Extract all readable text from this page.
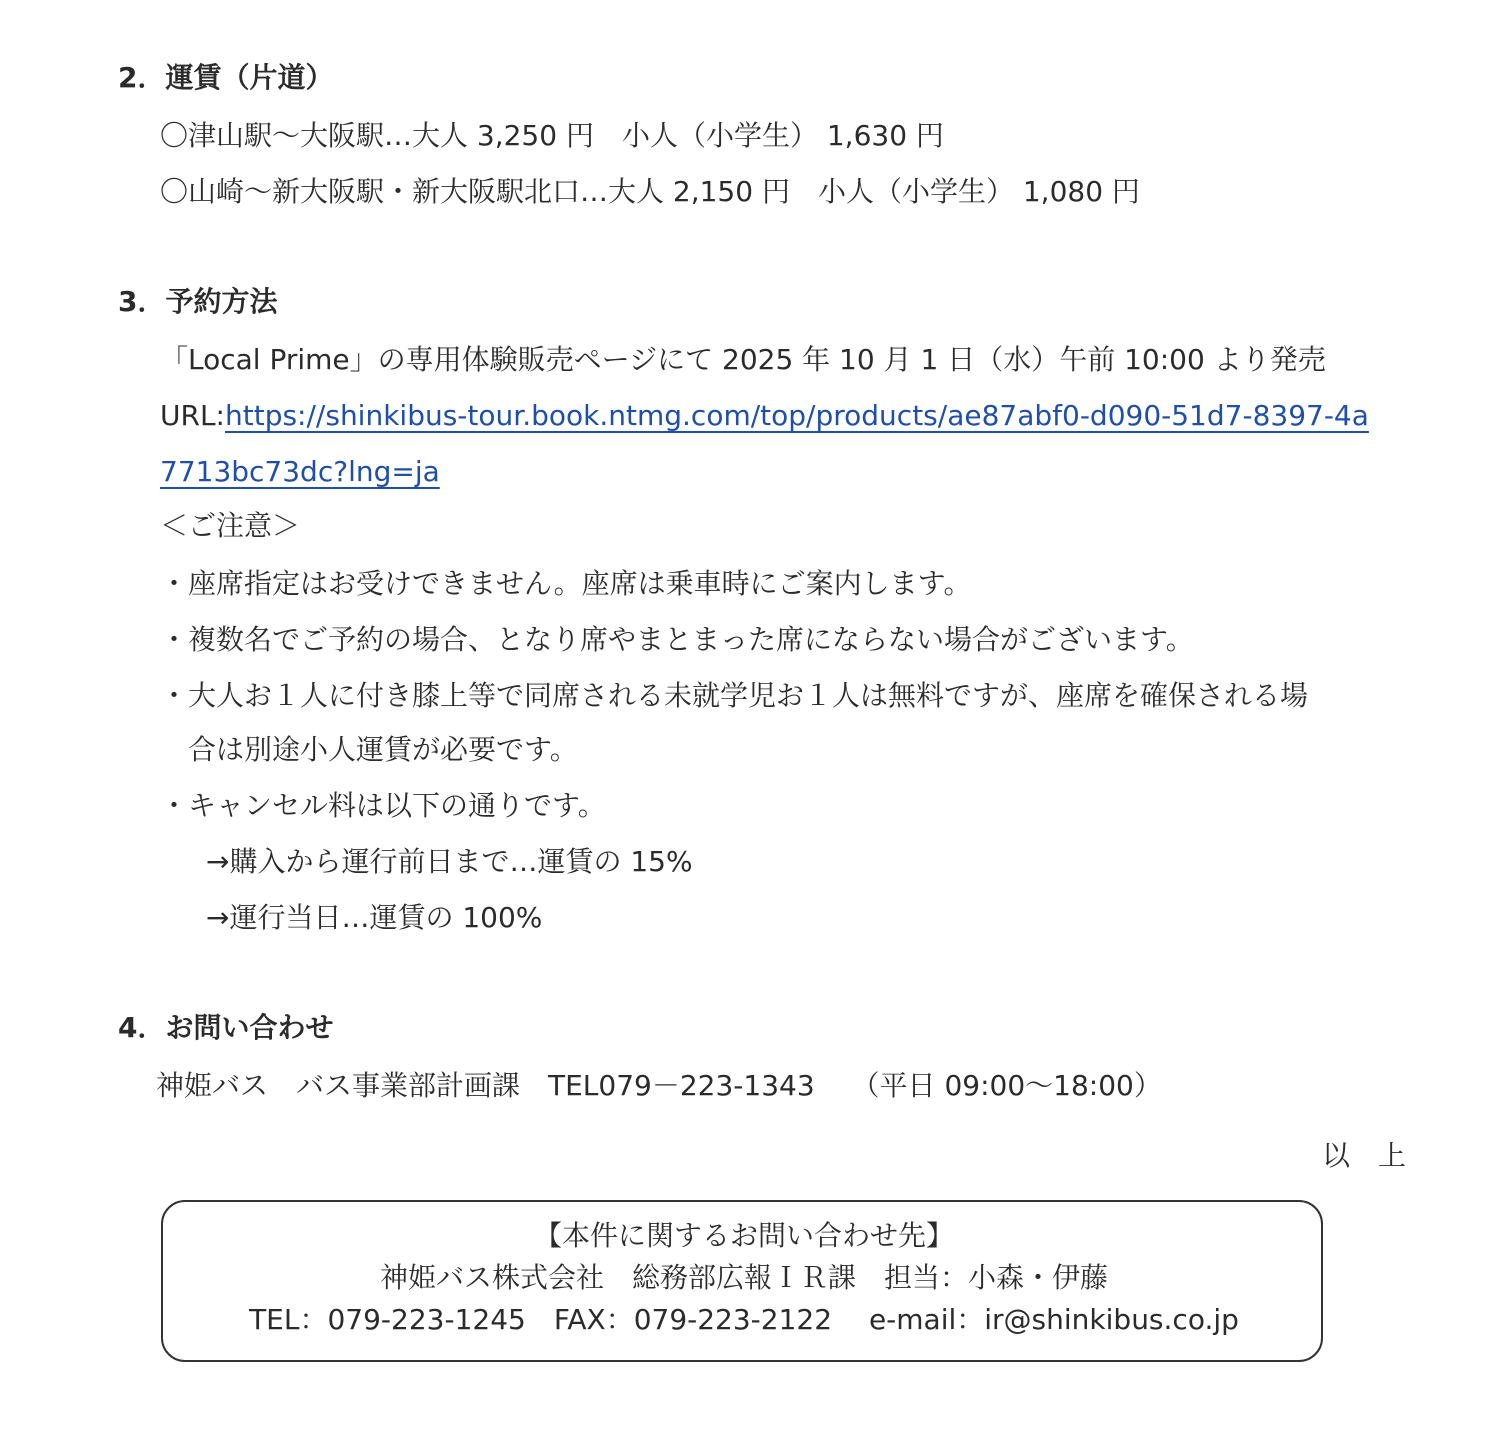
2．運賃（片道）
〇津山駅～大阪駅…大人 3,250 円　小人（小学生） 1,630 円
〇山崎～新大阪駅・新大阪駅北口…大人 2,150 円　小人（小学生） 1,080 円
3．予約方法
「Local Prime」の専用体験販売ページにて 2025 年 10 月 1 日（水）午前 10:00 より発売
URL:https://shinkibus-tour.book.ntmg.com/top/products/ae87abf0-d090-51d7-8397-4a
7713bc73dc?lng=ja
＜ご注意＞
・座席指定はお受けできません。座席は乗車時にご案内します。
・複数名でご予約の場合、となり席やまとまった席にならない場合がございます。
・大人お１人に付き膝上等で同席される未就学児お１人は無料ですが、座席を確保される場
合は別途小人運賃が必要です。
・キャンセル料は以下の通りです。
→購入から運行前日まで…運賃の 15%
→運行当日…運賃の 100%
4．お問い合わせ
神姫バス　バス事業部計画課　TEL079－223-1343　 （平日 09:00～18:00）
以　上
【本件に関するお問い合わせ先】
神姫バス株式会社　総務部広報ＩＲ課　担当：小森・伊藤
TEL：079-223-1245　FAX：079-223-2122　 e-mail：ir@shinkibus.co.jp
